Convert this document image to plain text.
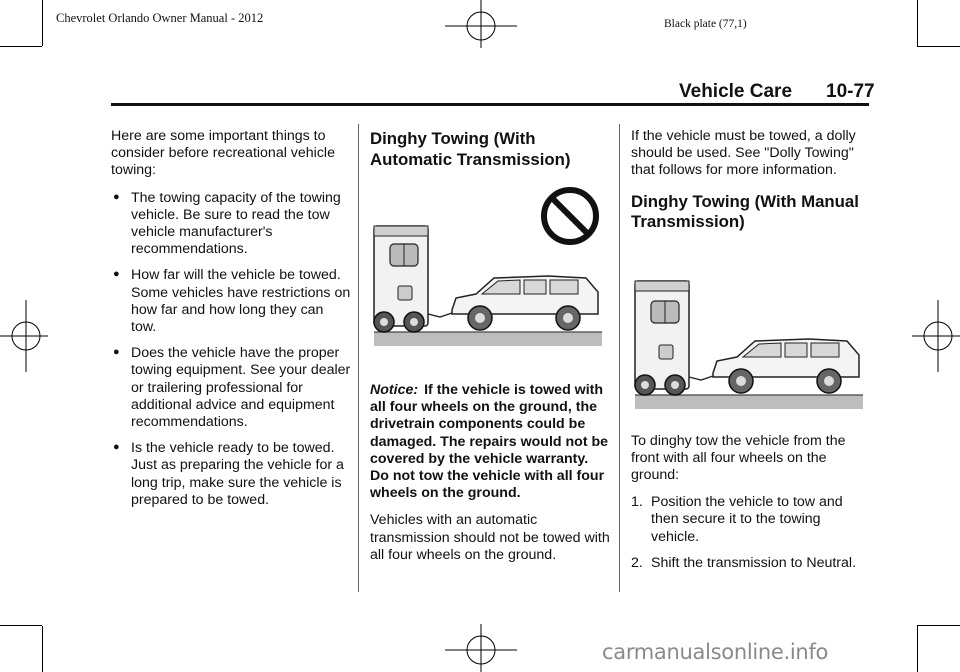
Chevrolet Orlando Owner Manual - 2012	Black plate (77,1)
Vehicle Care 10-77

Here are some important things to consider before recreational vehicle towing:

● The towing capacity of the towing vehicle. Be sure to read the tow vehicle manufacturer's recommendations.
● How far will the vehicle be towed. Some vehicles have restrictions on how far and how long they can tow.
● Does the vehicle have the proper towing equipment. See your dealer or trailering professional for additional advice and equipment recommendations.
● Is the vehicle ready to be towed. Just as preparing the vehicle for a long trip, make sure the vehicle is prepared to be towed.
Dinghy Towing (With Automatic Transmission)

Notice: If the vehicle is towed with all four wheels on the ground, the drivetrain components could be damaged. The repairs would not be covered by the vehicle warranty. Do not tow the vehicle with all four wheels on the ground.

Vehicles with an automatic transmission should not be towed with all four wheels on the ground.

If the vehicle must be towed, a dolly should be used. See "Dolly Towing" that follows for more information.

Dinghy Towing (With Manual Transmission)

To dinghy tow the vehicle from the front with all four wheels on the ground:

1. Position the vehicle to tow and then secure it to the towing vehicle.
2. Shift the transmission to Neutral.
carmanualsonline.info
